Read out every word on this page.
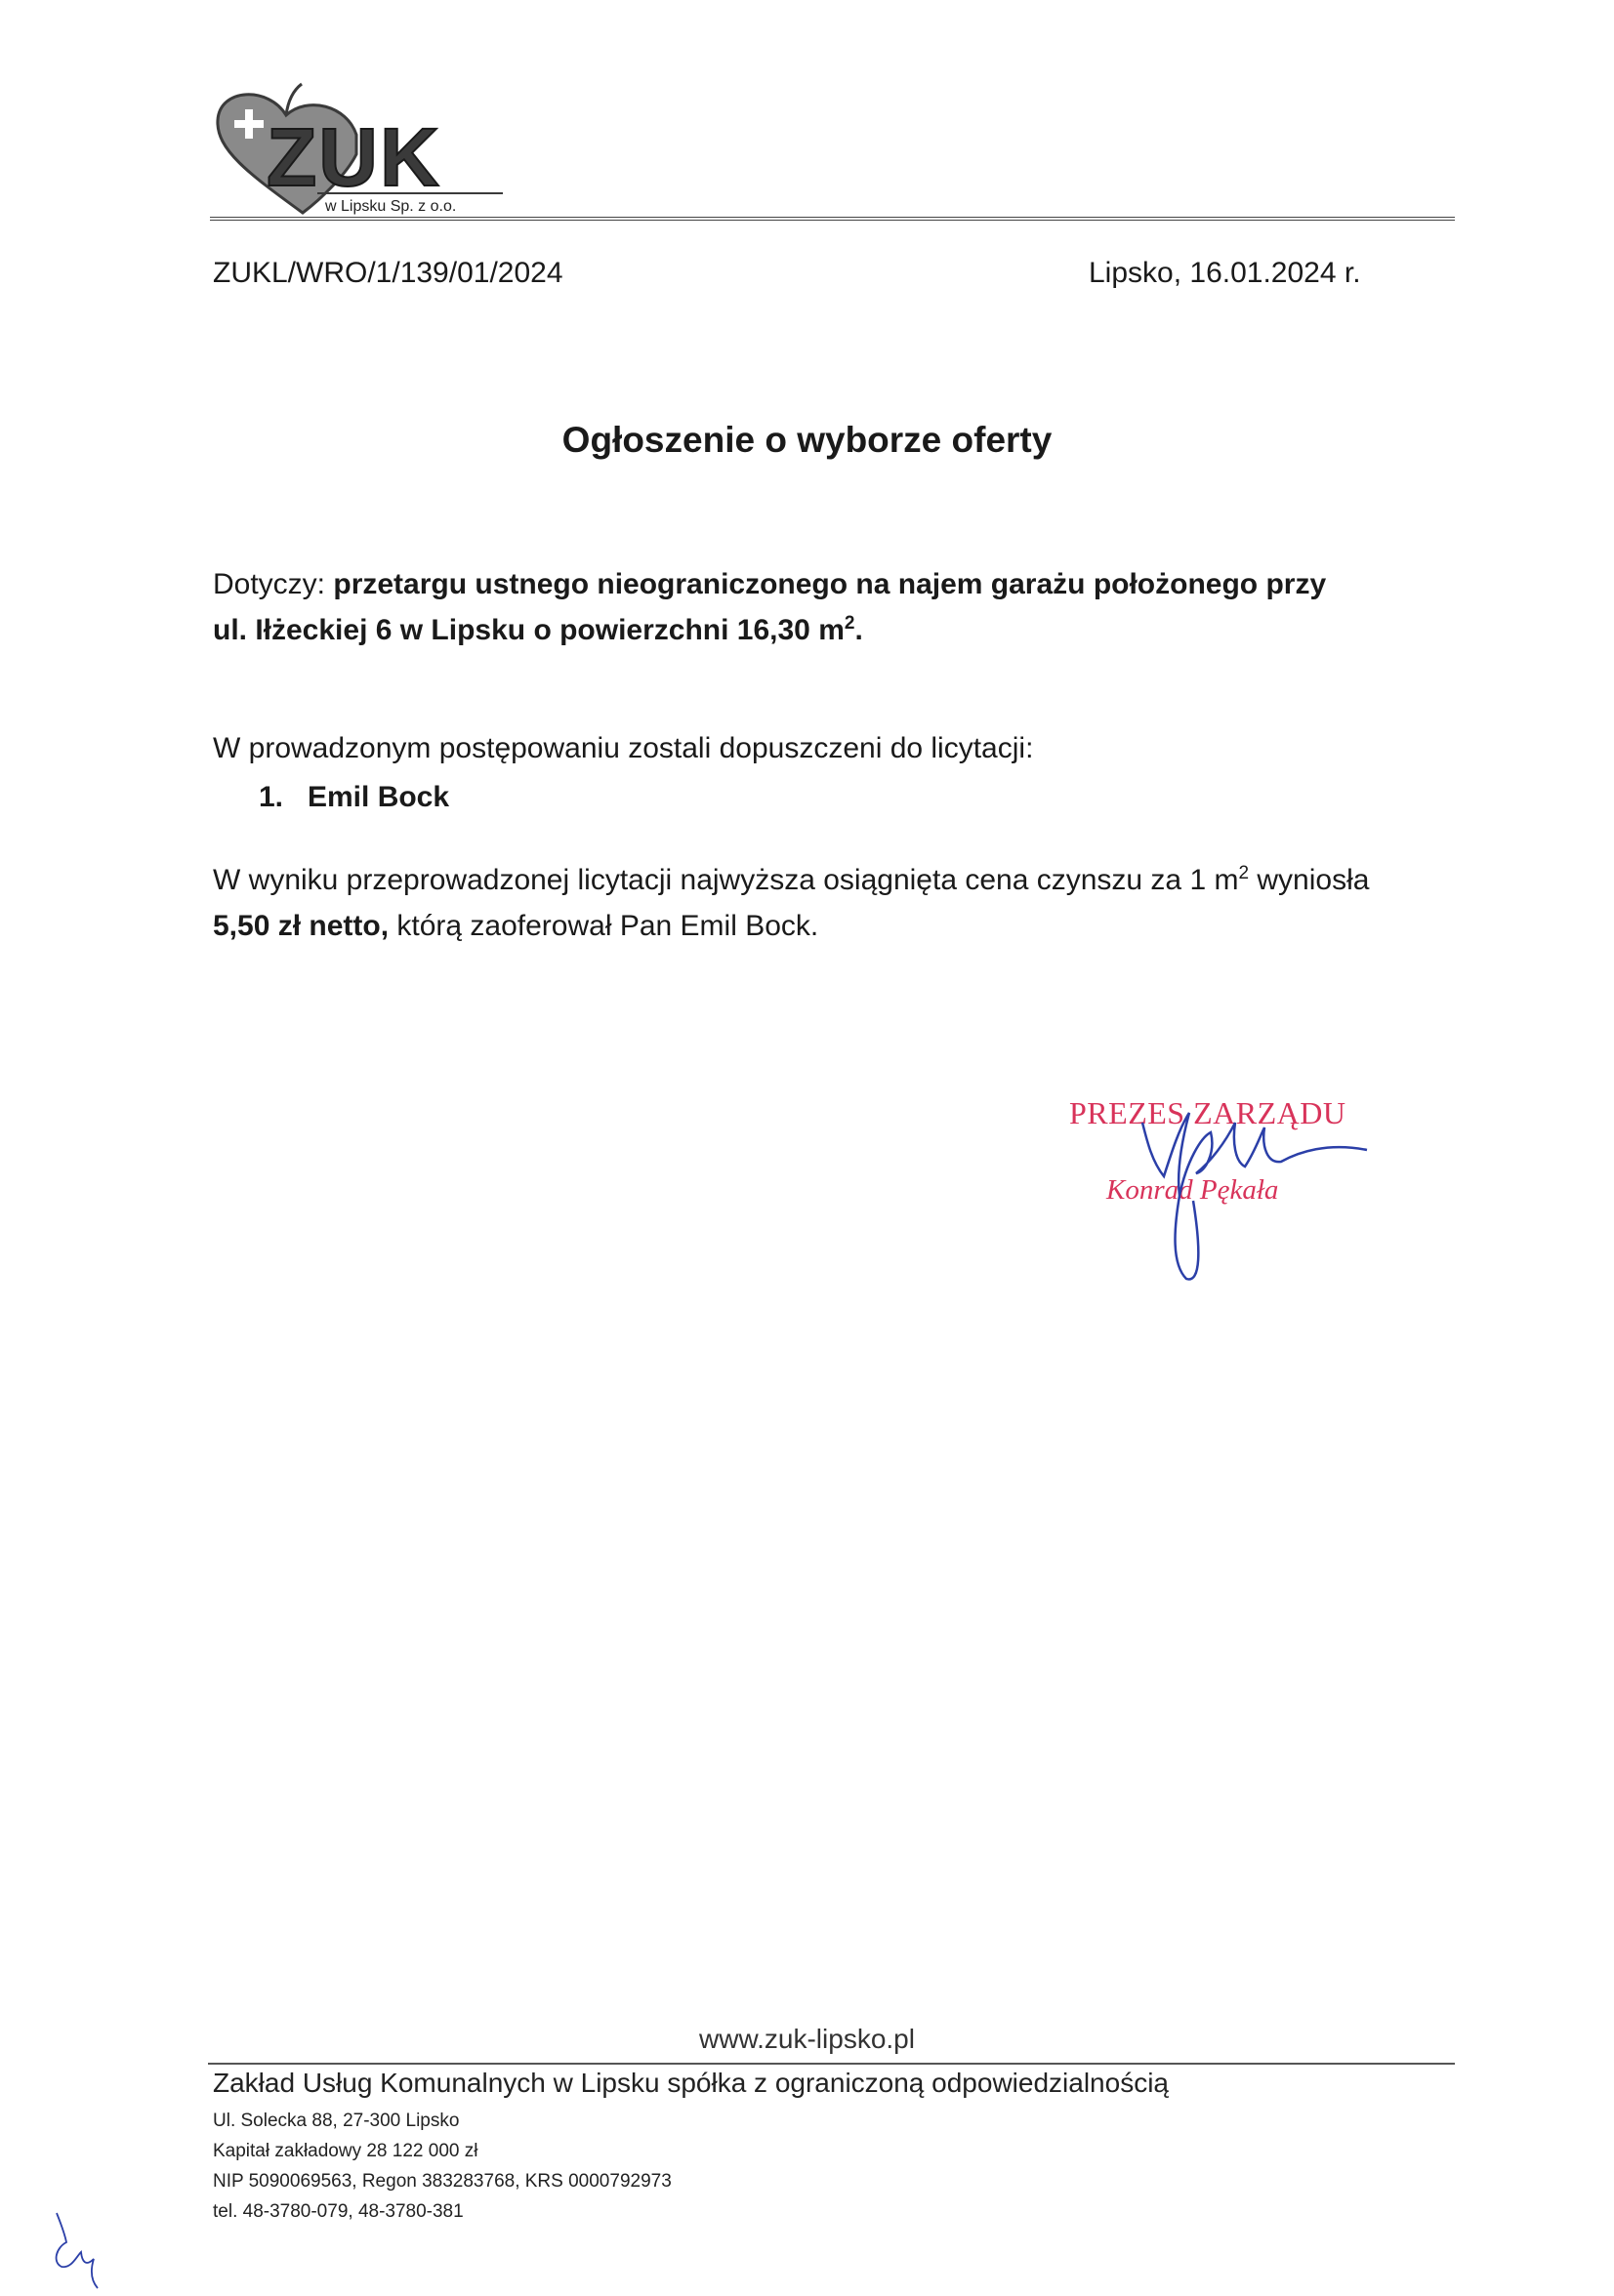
ZUK
w Lipsku Sp. z o.o.
ZUKL/WRO/1/139/01/2024	Lipsko, 16.01.2024 r.
Ogłoszenie o wyborze oferty
Dotyczy: przetargu ustnego nieograniczonego na najem garażu położonego przy
ul. Iłżeckiej 6 w Lipsku o powierzchni 16,30 $m^2$.
W prowadzonym postępowaniu zostali dopuszczeni do licytacji:
1. Emil Bock
W wyniku przeprowadzonej licytacji najwyższa osiągnięta cena czynszu za 1 $m^2$ wyniosła
5,50 zł netto, którą zaoferował Pan Emil Bock.
PREZES ZARZĄDU
Konrad Pękała
www.zuk-lipsko.pl
Zakład Usług Komunalnych w Lipsku spółka z ograniczoną odpowiedzialnością
Ul. Solecka 88, 27-300 Lipsko
Kapitał zakładowy 28 122 000 zł
NIP 5090069563, Regon 383283768, KRS 0000792973
tel. 48-3780-079, 48-3780-381
